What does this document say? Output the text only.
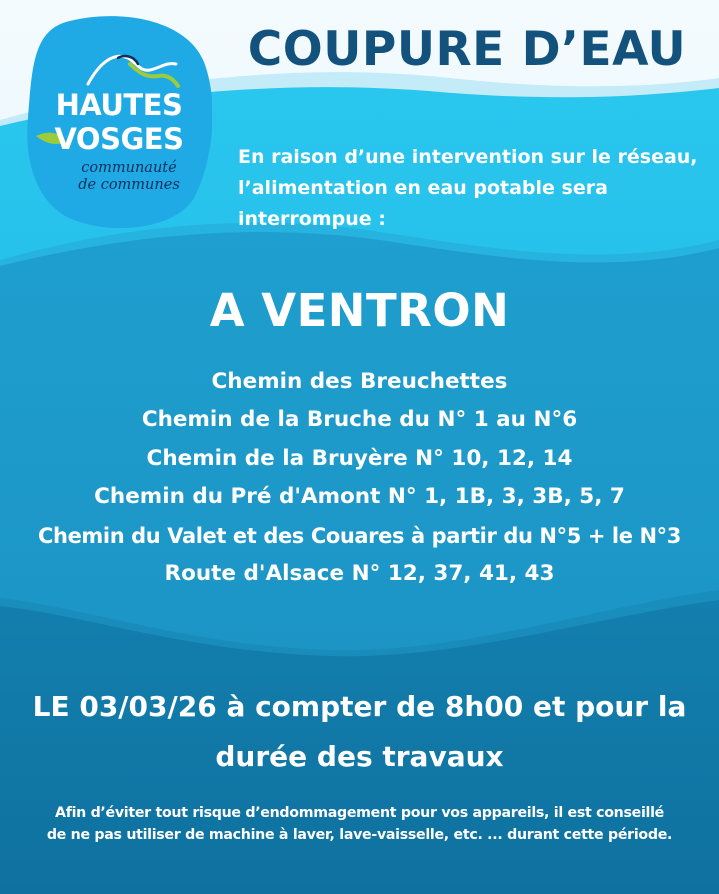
HAUTES
VOSGES
communauté
de communes
COUPURE D’EAU
En raison d’une intervention sur le réseau,
l’alimentation en eau potable sera
interrompue :
A VENTRON
Chemin des Breuchettes
Chemin de la Bruche du N° 1 au N°6
Chemin de la Bruyère N° 10, 12, 14
Chemin du Pré d'Amont N° 1, 1B, 3, 3B, 5, 7
Chemin du Valet et des Couares à partir du N°5 + le N°3
Route d'Alsace N° 12, 37, 41, 43
LE 03/03/26 à compter de 8h00 et pour la
durée des travaux
Afin d’éviter tout risque d’endommagement pour vos appareils, il est conseillé
de ne pas utiliser de machine à laver, lave-vaisselle, etc. ... durant cette période.
